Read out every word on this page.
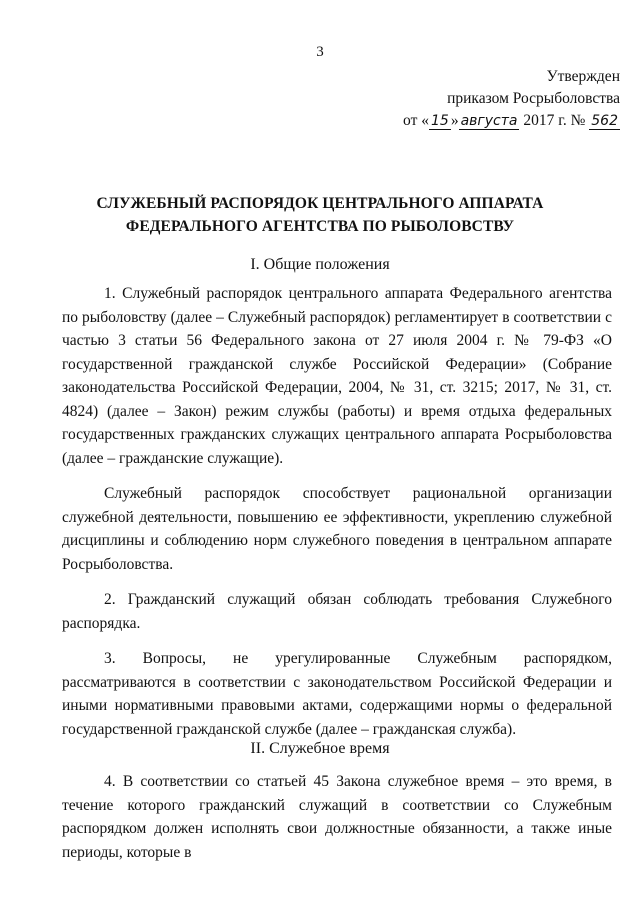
3
Утвержден
приказом Росрыболовства
от « 15 » августа 2017 г. № 562
СЛУЖЕБНЫЙ РАСПОРЯДОК ЦЕНТРАЛЬНОГО АППАРАТА
ФЕДЕРАЛЬНОГО АГЕНТСТВА ПО РЫБОЛОВСТВУ
I. Общие положения

1. Служебный распорядок центрального аппарата Федерального агентства по рыболовству (далее – Служебный распорядок) регламентирует в соответствии с частью 3 статьи 56 Федерального закона от 27 июля 2004 г. № 79-ФЗ «О государственной гражданской службе Российской Федерации» (Собрание законодательства Российской Федерации, 2004, № 31, ст. 3215; 2017, № 31, ст. 4824) (далее – Закон) режим службы (работы) и время отдыха федеральных государственных гражданских служащих центрального аппарата Росрыболовства (далее – гражданские служащие).

Служебный распорядок способствует рациональной организации служебной деятельности, повышению ее эффективности, укреплению служебной дисциплины и соблюдению норм служебного поведения в центральном аппарате Росрыболовства.

2. Гражданский служащий обязан соблюдать требования Служебного распорядка.

3. Вопросы, не урегулированные Служебным распорядком, рассматриваются в соответствии с законодательством Российской Федерации и иными нормативными правовыми актами, содержащими нормы о федеральной государственной гражданской службе (далее – гражданская служба).

II. Служебное время

4. В соответствии со статьей 45 Закона служебное время – это время, в течение которого гражданский служащий в соответствии со Служебным распорядком должен исполнять свои должностные обязанности, а также иные периоды, которые в
